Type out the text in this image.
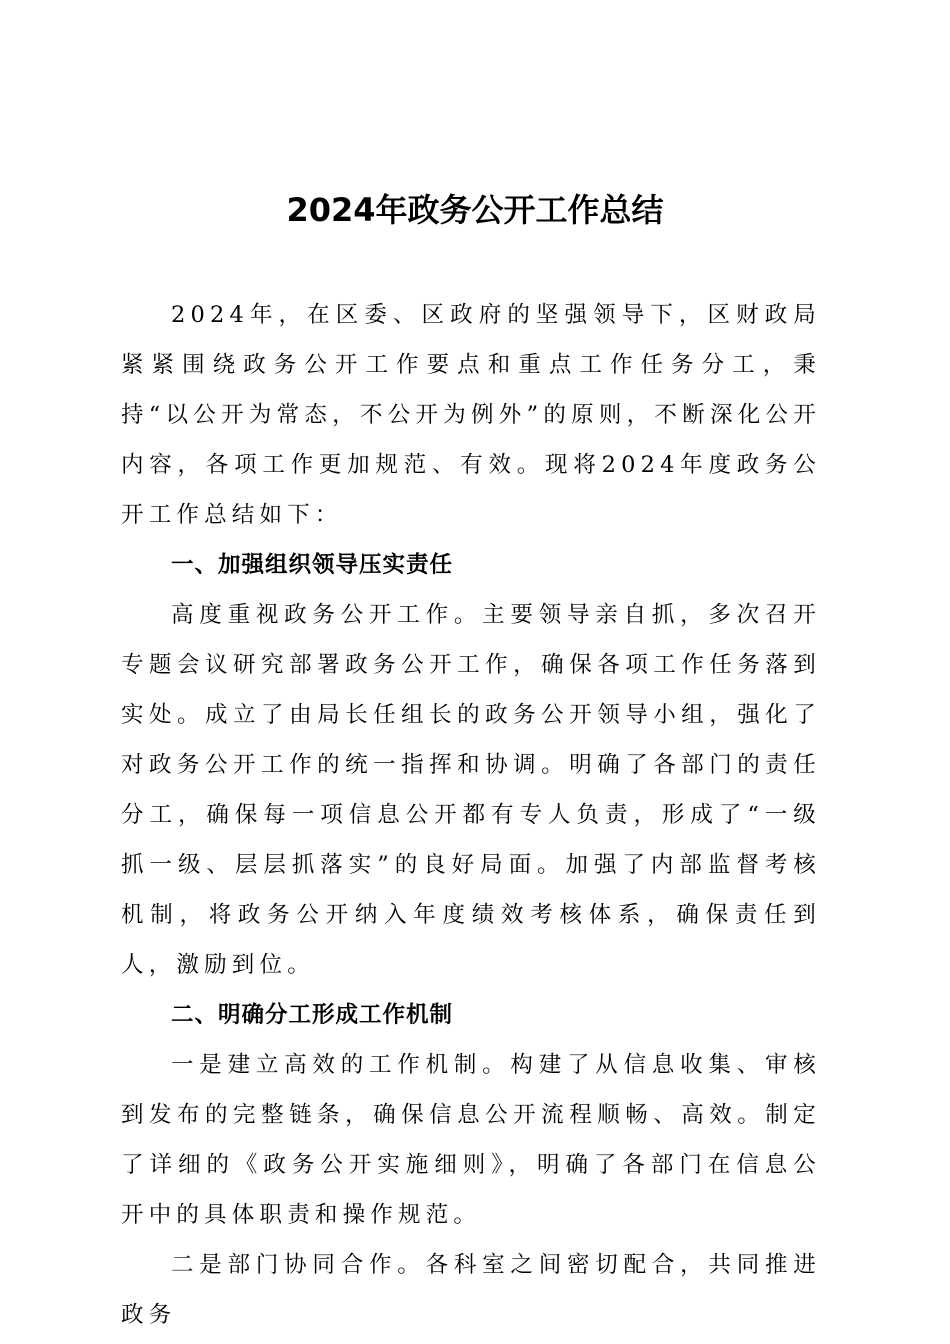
2024年政务公开工作总结

2024年，在区委、区政府的坚强领导下，区财政局紧紧围绕政务公开工作要点和重点工作任务分工，秉持“以公开为常态，不公开为例外”的原则，不断深化公开内容，各项工作更加规范、有效。现将2024年度政务公开工作总结如下：

一、加强组织领导压实责任

高度重视政务公开工作。主要领导亲自抓，多次召开专题会议研究部署政务公开工作，确保各项工作任务落到实处。成立了由局长任组长的政务公开领导小组，强化了对政务公开工作的统一指挥和协调。明确了各部门的责任分工，确保每一项信息公开都有专人负责，形成了“一级抓一级、层层抓落实”的良好局面。加强了内部监督考核机制，将政务公开纳入年度绩效考核体系，确保责任到人，激励到位。

二、明确分工形成工作机制

一是建立高效的工作机制。构建了从信息收集、审核到发布的完整链条，确保信息公开流程顺畅、高效。制定了详细的《政务公开实施细则》，明确了各部门在信息公开中的具体职责和操作规范。

二是部门协同合作。各科室之间密切配合，共同推进政务
